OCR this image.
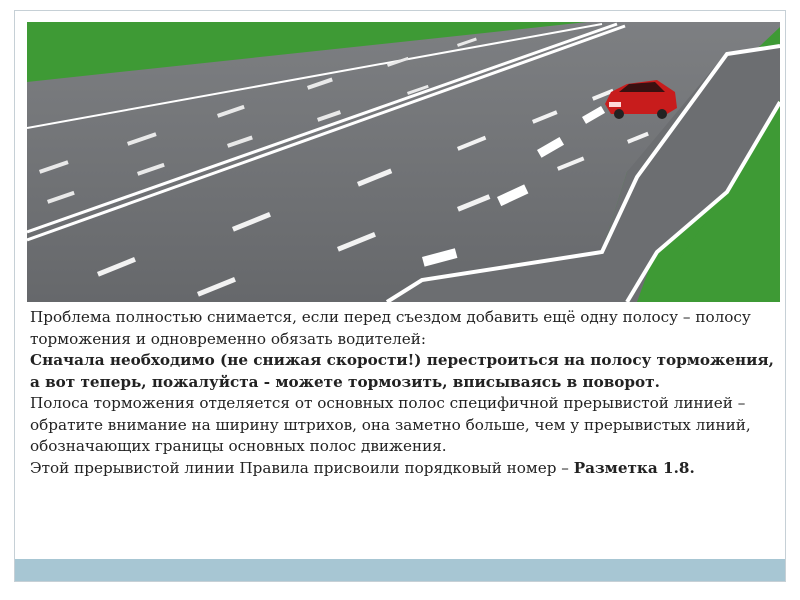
Проблема полностью снимается, если перед съездом добавить ещё одну полосу – полосу торможения и одновременно обязать водителей:

Сначала необходимо (не снижая скорости!) перестроиться на полосу торможения, а вот теперь, пожалуйста - можете тормозить, вписываясь в поворот.

Полоса торможения отделяется от основных полос специфичной прерывистой линией – обратите внимание на ширину штрихов, она заметно больше, чем у прерывистых линий, обозначающих границы основных полос движения.

Этой прерывистой линии Правила присвоили порядковый номер – Разметка 1.8.
